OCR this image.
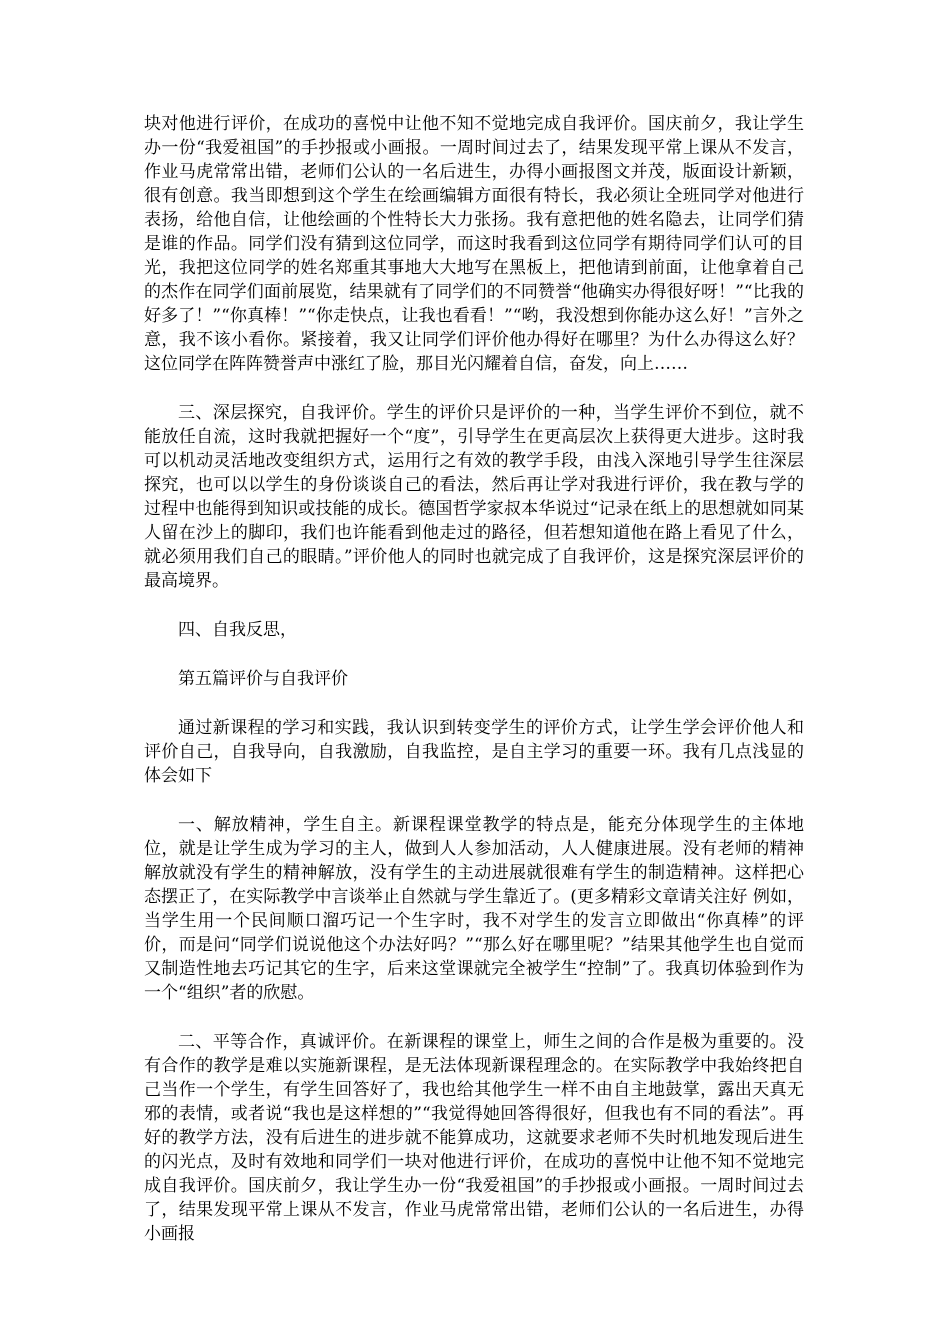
块对他进行评价，在成功的喜悦中让他不知不觉地完成自我评价。国庆前夕，我让学生办一份“我爱祖国”的手抄报或小画报。一周时间过去了，结果发现平常上课从不发言，作业马虎常常出错，老师们公认的一名后进生，办得小画报图文并茂，版面设计新颖，很有创意。我当即想到这个学生在绘画编辑方面很有特长，我必须让全班同学对他进行表扬，给他自信，让他绘画的个性特长大力张扬。我有意把他的姓名隐去，让同学们猜是谁的作品。同学们没有猜到这位同学，而这时我看到这位同学有期待同学们认可的目光，我把这位同学的姓名郑重其事地大大地写在黑板上，把他请到前面，让他拿着自己的杰作在同学们面前展览，结果就有了同学们的不同赞誉“他确实办得很好呀！”“比我的好多了！”“你真棒！”“你走快点，让我也看看！”“哟，我没想到你能办这么好！”言外之意，我不该小看你。紧接着，我又让同学们评价他办得好在哪里？为什么办得这么好？这位同学在阵阵赞誉声中涨红了脸，那目光闪耀着自信，奋发，向上……

三、深层探究，自我评价。学生的评价只是评价的一种，当学生评价不到位，就不能放任自流，这时我就把握好一个“度”，引导学生在更高层次上获得更大进步。这时我可以机动灵活地改变组织方式，运用行之有效的教学手段，由浅入深地引导学生往深层探究，也可以以学生的身份谈谈自己的看法，然后再让学对我进行评价，我在教与学的过程中也能得到知识或技能的成长。德国哲学家叔本华说过“记录在纸上的思想就如同某人留在沙上的脚印，我们也许能看到他走过的路径，但若想知道他在路上看见了什么，就必须用我们自己的眼睛。”评价他人的同时也就完成了自我评价，这是探究深层评价的最高境界。

四、自我反思，

第五篇评价与自我评价

通过新课程的学习和实践，我认识到转变学生的评价方式，让学生学会评价他人和评价自己，自我导向，自我激励，自我监控，是自主学习的重要一环。我有几点浅显的体会如下

一、解放精神，学生自主。新课程课堂教学的特点是，能充分体现学生的主体地位，就是让学生成为学习的主人，做到人人参加活动，人人健康进展。没有老师的精神解放就没有学生的精神解放，没有学生的主动进展就很难有学生的制造精神。这样把心态摆正了，在实际教学中言谈举止自然就与学生靠近了。(更多精彩文章请关注好 例如，当学生用一个民间顺口溜巧记一个生字时，我不对学生的发言立即做出“你真棒”的评价，而是问“同学们说说他这个办法好吗？”“那么好在哪里呢？”结果其他学生也自觉而又制造性地去巧记其它的生字，后来这堂课就完全被学生“控制”了。我真切体验到作为一个“组织”者的欣慰。

二、平等合作，真诚评价。在新课程的课堂上，师生之间的合作是极为重要的。没有合作的教学是难以实施新课程，是无法体现新课程理念的。在实际教学中我始终把自己当作一个学生，有学生回答好了，我也给其他学生一样不由自主地鼓掌，露出天真无邪的表情，或者说“我也是这样想的”“我觉得她回答得很好，但我也有不同的看法”。再好的教学方法，没有后进生的进步就不能算成功，这就要求老师不失时机地发现后进生的闪光点，及时有效地和同学们一块对他进行评价，在成功的喜悦中让他不知不觉地完成自我评价。国庆前夕，我让学生办一份“我爱祖国”的手抄报或小画报。一周时间过去了，结果发现平常上课从不发言，作业马虎常常出错，老师们公认的一名后进生，办得小画报
